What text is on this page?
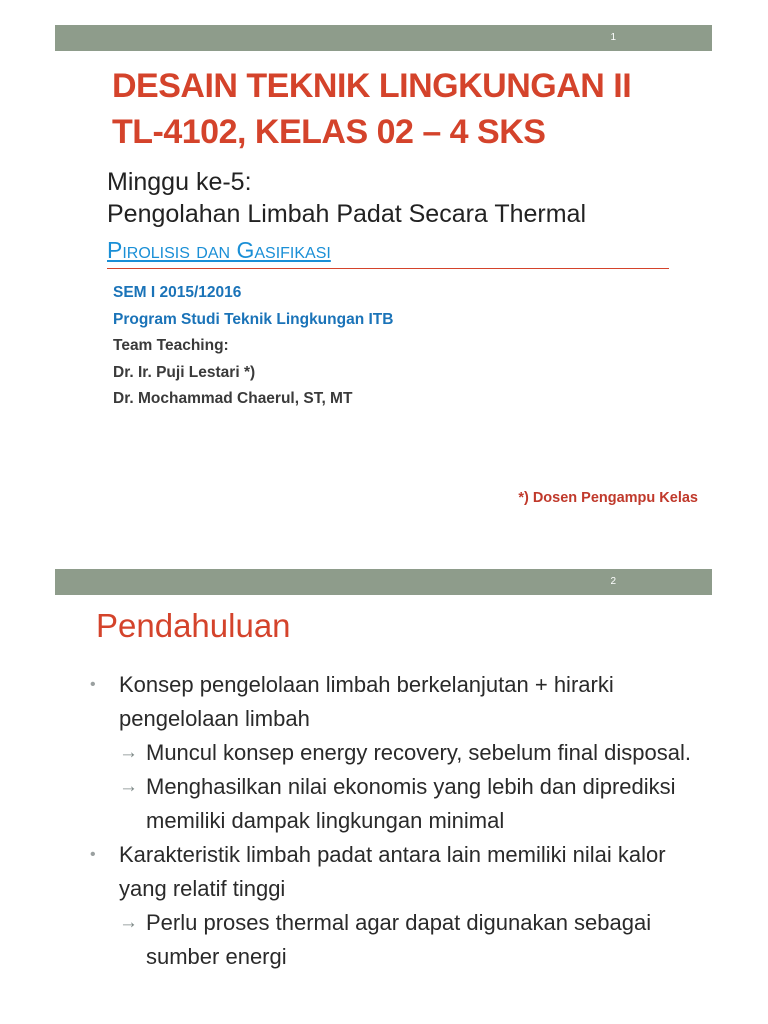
1
DESAIN TEKNIK LINGKUNGAN II
TL-4102, KELAS 02 – 4 SKS
Minggu ke-5:
Pengolahan Limbah Padat Secara Thermal
Pirolisis dan Gasifikasi
SEM I 2015/12016
Program Studi Teknik Lingkungan ITB
Team Teaching:
Dr. Ir. Puji Lestari *)
Dr. Mochammad Chaerul, ST, MT
*) Dosen Pengampu Kelas
2
Pendahuluan
• Konsep pengelolaan limbah berkelanjutan + hirarki pengelolaan limbah
→ Muncul konsep energy recovery, sebelum final disposal.
→ Menghasilkan nilai ekonomis yang lebih dan diprediksi memiliki dampak lingkungan minimal
• Karakteristik limbah padat antara lain memiliki nilai kalor yang relatif tinggi
→ Perlu proses thermal agar dapat digunakan sebagai sumber energi
